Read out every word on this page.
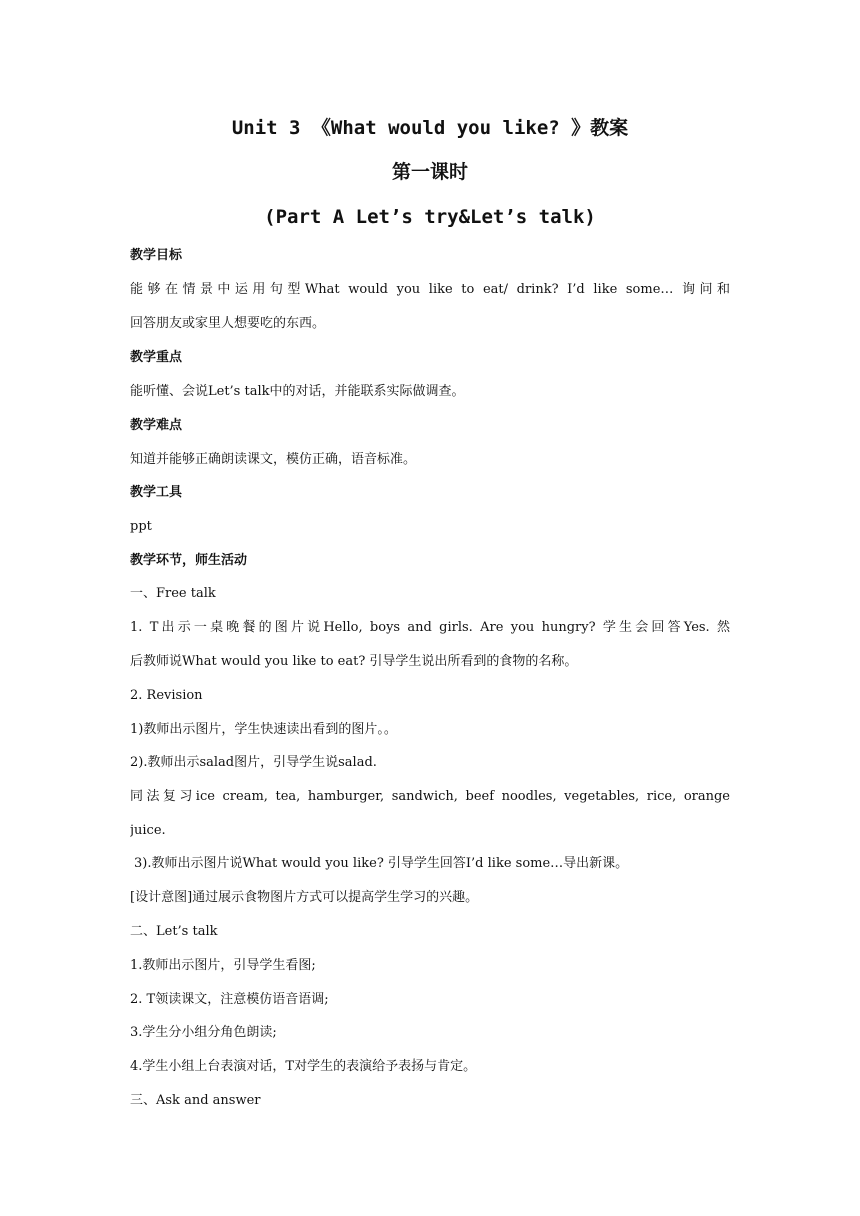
Unit 3 《What would you like? 》教案
第一课时
(Part A Let’s try&Let’s talk)
教学目标
能够在情景中运用句型What would you like to eat/ drink? I’d like some… 询问和
回答朋友或家里人想要吃的东西。
教学重点
能听懂、会说Let’s talk中的对话，并能联系实际做调查。
教学难点
知道并能够正确朗读课文，模仿正确，语音标准。
教学工具
ppt
教学环节，师生活动
一、Free talk
1. T出示一桌晚餐的图片说Hello, boys and girls. Are you hungry? 学生会回答Yes. 然
后教师说What would you like to eat? 引导学生说出所看到的食物的名称。
2. Revision
1)教师出示图片，学生快速读出看到的图片。。
2).教师出示salad图片，引导学生说salad.
同法复习ice cream, tea, hamburger, sandwich, beef noodles, vegetables, rice, orange
juice.
3).教师出示图片说What would you like? 引导学生回答I’d like some…导出新课。
[设计意图]通过展示食物图片方式可以提高学生学习的兴趣。
二、Let’s talk
1.教师出示图片，引导学生看图;
2. T领读课文，注意模仿语音语调;
3.学生分小组分角色朗读;
4.学生小组上台表演对话，T对学生的表演给予表扬与肯定。
三、Ask and answer
